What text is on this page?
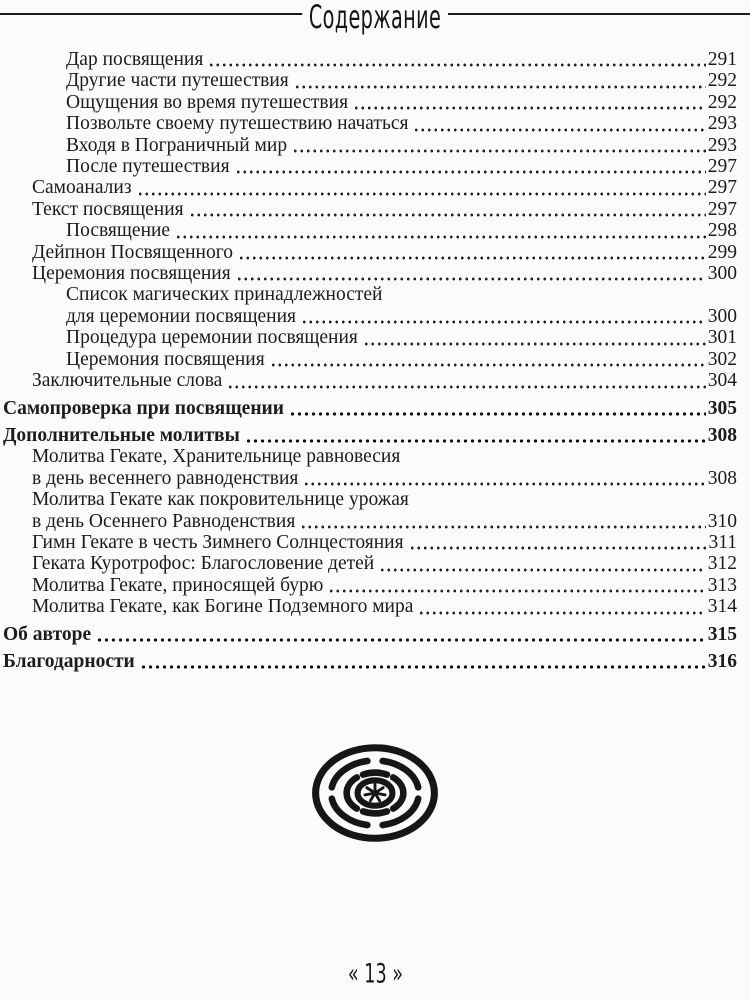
Содержание
Дар посвящения	291
Другие части путешествия	292
Ощущения во время путешествия	292
Позвольте своему путешествию начаться	293
Входя в Пограничный мир	293
После путешествия	297
Самоанализ	297
Текст посвящения	297
Посвящение	298
Дейпнон Посвященного	299
Церемония посвящения	300
Список магических принадлежностей
для церемонии посвящения	300
Процедура церемонии посвящения	301
Церемония посвящения	302
Заключительные слова	304
Самопроверка при посвящении	305
Дополнительные молитвы	308
Молитва Гекате, Хранительнице равновесия
в день весеннего равноденствия	308
Молитва Гекате как покровительнице урожая
в день Осеннего Равноденствия	310
Гимн Гекате в честь Зимнего Солнцестояния	311
Геката Куротрофос: Благословение детей	312
Молитва Гекате, приносящей бурю	313
Молитва Гекате, как Богине Подземного мира	314
Об авторе	315
Благодарности	316
« 13 »
